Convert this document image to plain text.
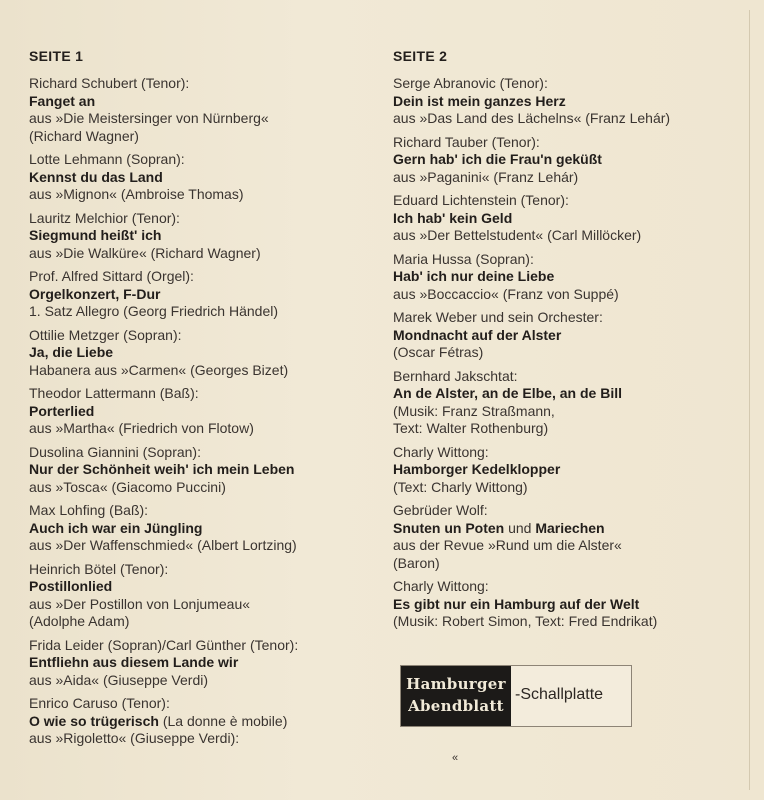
SEITE 1
Richard Schubert (Tenor):
Fanget an
aus »Die Meistersinger von Nürnberg«
(Richard Wagner)
Lotte Lehmann (Sopran):
Kennst du das Land
aus »Mignon« (Ambroise Thomas)
Lauritz Melchior (Tenor):
Siegmund heißt' ich
aus »Die Walküre« (Richard Wagner)
Prof. Alfred Sittard (Orgel):
Orgelkonzert, F-Dur
1. Satz Allegro (Georg Friedrich Händel)
Ottilie Metzger (Sopran):
Ja, die Liebe
Habanera aus »Carmen« (Georges Bizet)
Theodor Lattermann (Baß):
Porterlied
aus »Martha« (Friedrich von Flotow)
Dusolina Giannini (Sopran):
Nur der Schönheit weih' ich mein Leben
aus »Tosca« (Giacomo Puccini)
Max Lohfing (Baß):
Auch ich war ein Jüngling
aus »Der Waffenschmied« (Albert Lortzing)
Heinrich Bötel (Tenor):
Postillonlied
aus »Der Postillon von Lonjumeau«
(Adolphe Adam)
Frida Leider (Sopran)/Carl Günther (Tenor):
Entfliehn aus diesem Lande wir
aus »Aida« (Giuseppe Verdi)
Enrico Caruso (Tenor):
O wie so trügerisch (La donne è mobile)
aus »Rigoletto« (Giuseppe Verdi):
SEITE 2
Serge Abranovic (Tenor):
Dein ist mein ganzes Herz
aus »Das Land des Lächelns« (Franz Lehár)
Richard Tauber (Tenor):
Gern hab' ich die Frau'n geküßt
aus »Paganini« (Franz Lehár)
Eduard Lichtenstein (Tenor):
Ich hab' kein Geld
aus »Der Bettelstudent« (Carl Millöcker)
Maria Hussa (Sopran):
Hab' ich nur deine Liebe
aus »Boccaccio« (Franz von Suppé)
Marek Weber und sein Orchester:
Mondnacht auf der Alster
(Oscar Fétras)
Bernhard Jakschtat:
An de Alster, an de Elbe, an de Bill
(Musik: Franz Straßmann,
Text: Walter Rothenburg)
Charly Wittong:
Hamborger Kedelklopper
(Text: Charly Wittong)
Gebrüder Wolf:
Snuten un Poten und Mariechen
aus der Revue »Rund um die Alster«
(Baron)
Charly Wittong:
Es gibt nur ein Hamburg auf der Welt
(Musik: Robert Simon, Text: Fred Endrikat)
Hamburger
Abendblatt
-Schallplatte
«
